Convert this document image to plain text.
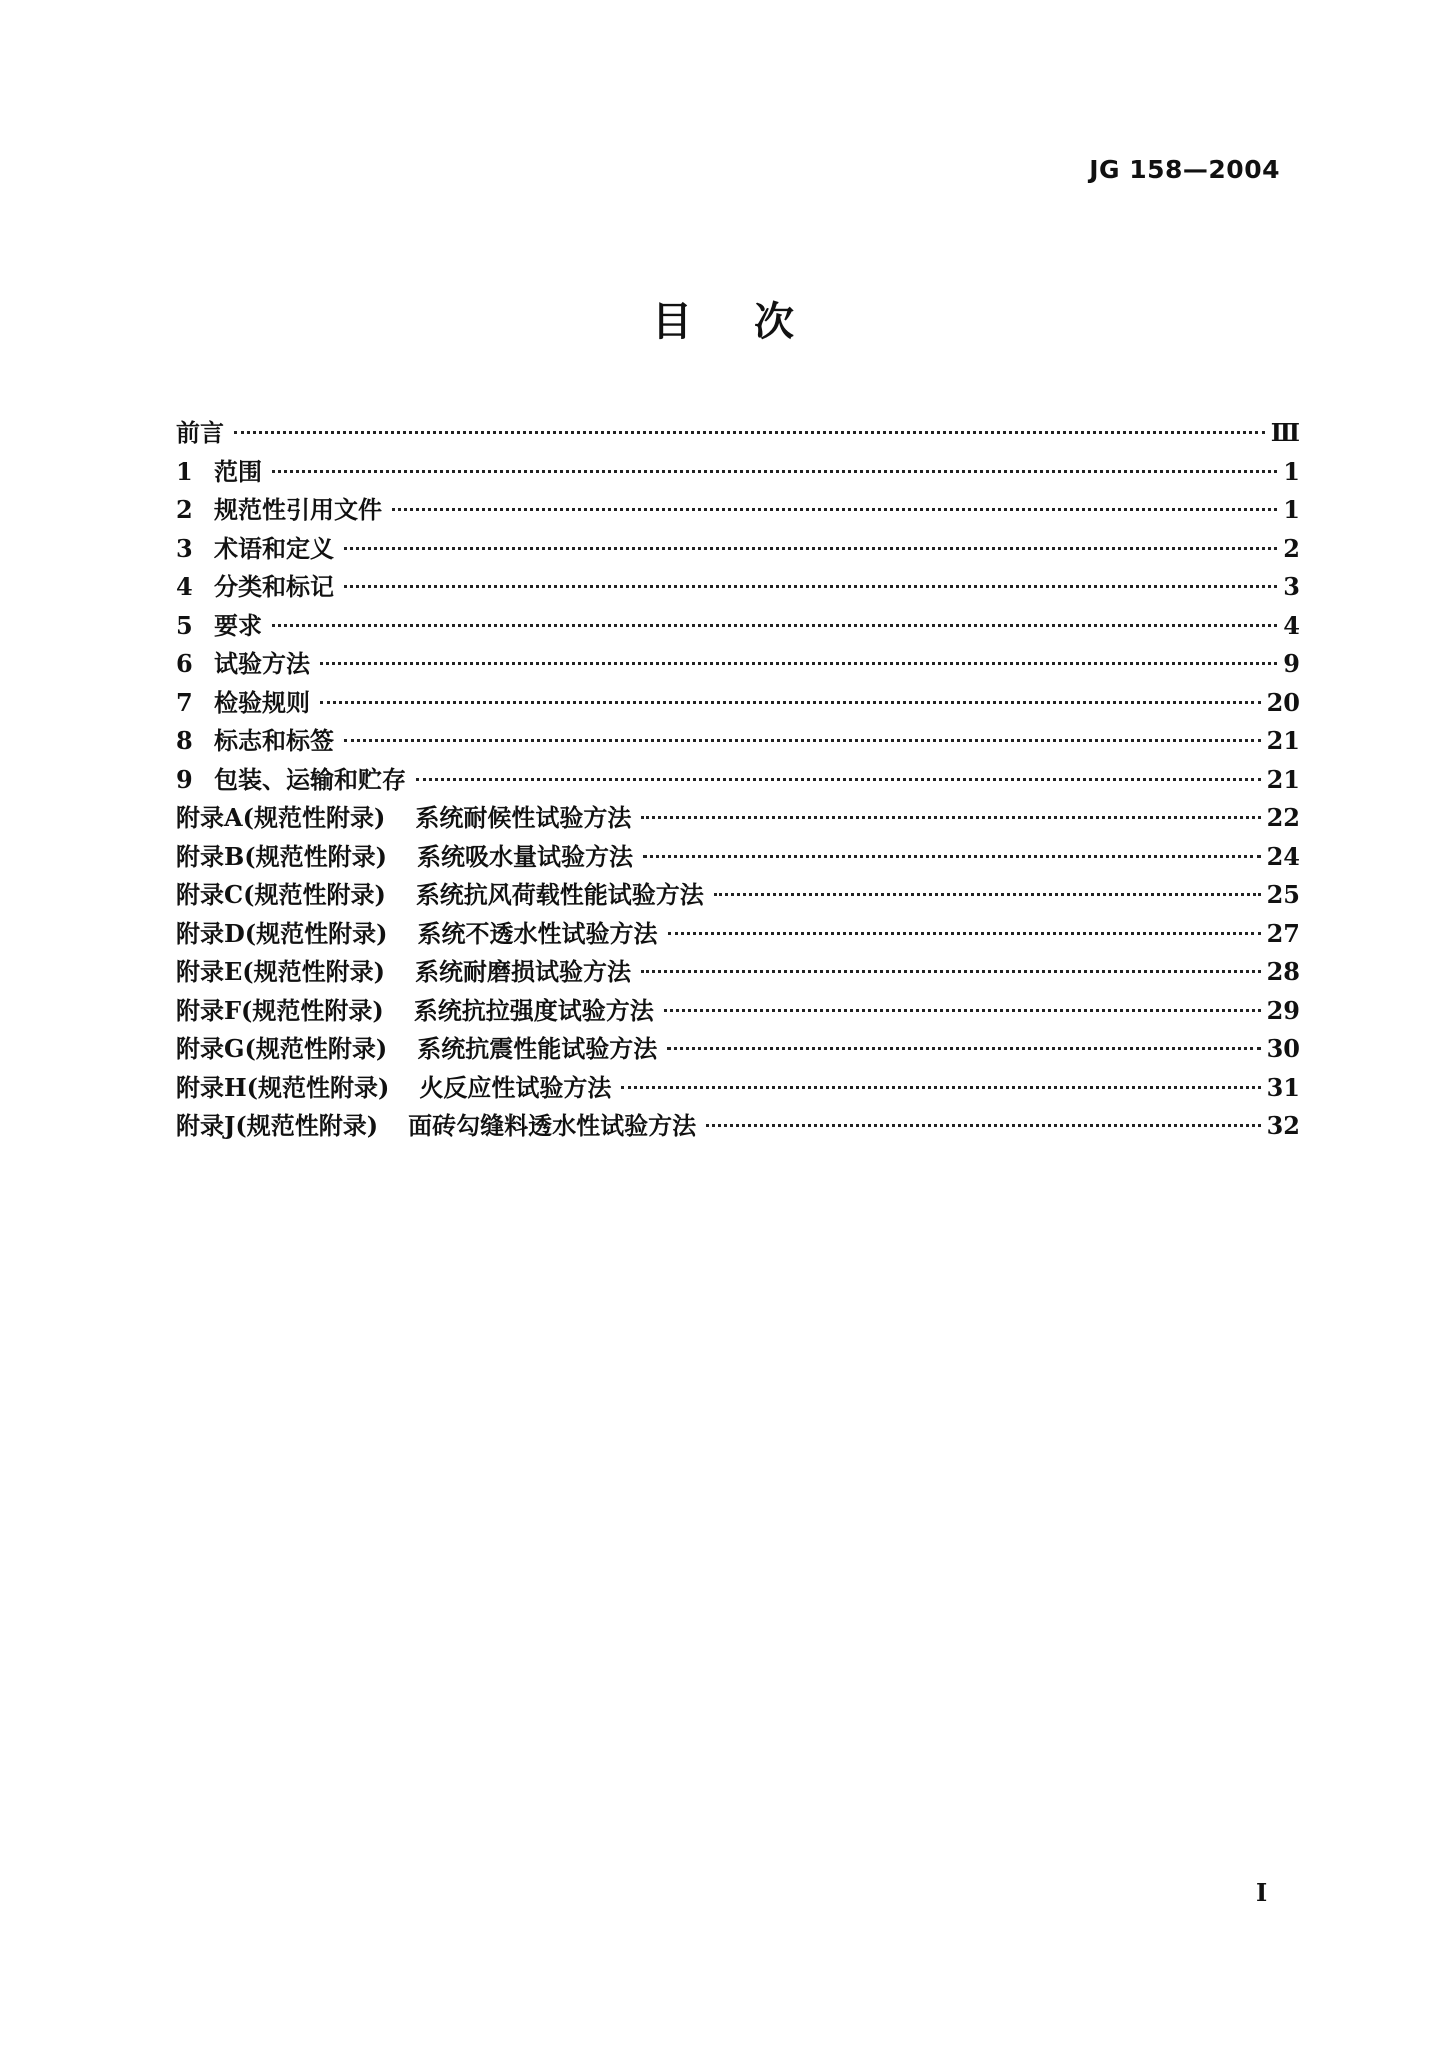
JG 158—2004
目 次
前言	Ⅲ
1 范围	1
2 规范性引用文件	1
3 术语和定义	2
4 分类和标记	3
5 要求	4
6 试验方法	9
7 检验规则	20
8 标志和标签	21
9 包装、运输和贮存	21
附录A(规范性附录) 系统耐候性试验方法	22
附录B(规范性附录) 系统吸水量试验方法	24
附录C(规范性附录) 系统抗风荷载性能试验方法	25
附录D(规范性附录) 系统不透水性试验方法	27
附录E(规范性附录) 系统耐磨损试验方法	28
附录F(规范性附录) 系统抗拉强度试验方法	29
附录G(规范性附录) 系统抗震性能试验方法	30
附录H(规范性附录) 火反应性试验方法	31
附录J(规范性附录) 面砖勾缝料透水性试验方法	32
I
